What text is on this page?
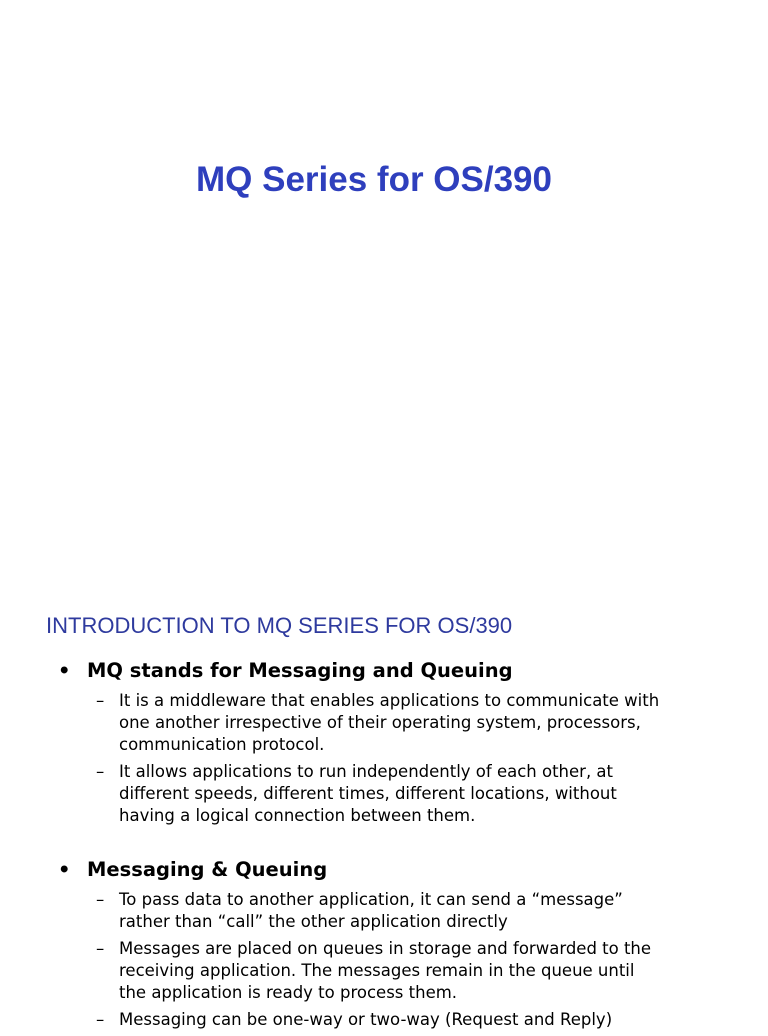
MQ Series for OS/390
INTRODUCTION TO MQ SERIES FOR OS/390
• MQ stands for Messaging and Queuing
– It is a middleware that enables applications to communicate with
one another irrespective of their operating system, processors,
communication protocol.
– It allows applications to run independently of each other, at
different speeds, different times, different locations, without
having a logical connection between them.
• Messaging & Queuing
– To pass data to another application, it can send a “message”
rather than “call” the other application directly
– Messages are placed on queues in storage and forwarded to the
receiving application. The messages remain in the queue until
the application is ready to process them.
– Messaging can be one-way or two-way (Request and Reply)
